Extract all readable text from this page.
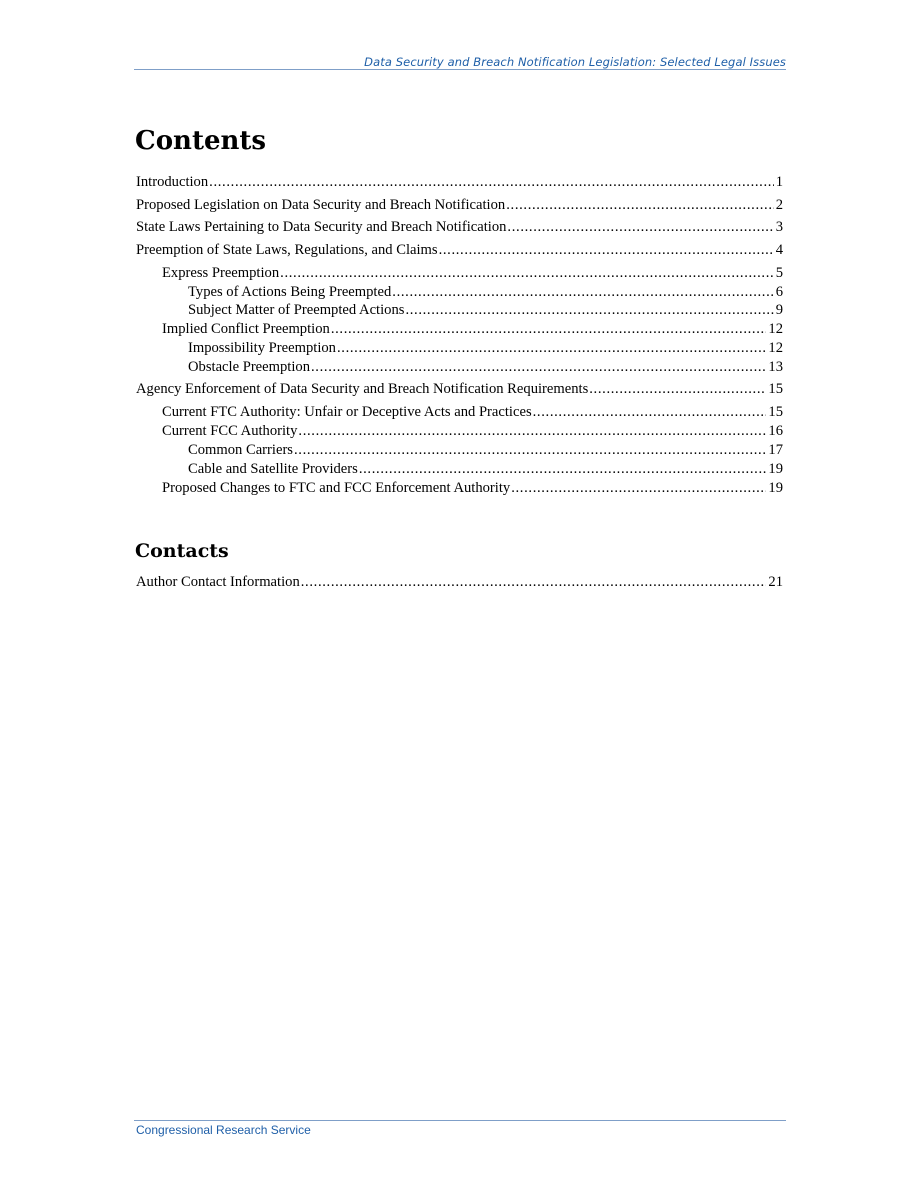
Data Security and Breach Notification Legislation: Selected Legal Issues
Contents
Introduction . . .	1
Proposed Legislation on Data Security and Breach Notification . . .	2
State Laws Pertaining to Data Security and Breach Notification . . .	3
Preemption of State Laws, Regulations, and Claims . . .	4
Express Preemption . . .	5
Types of Actions Being Preempted . . .	6
Subject Matter of Preempted Actions . . .	9
Implied Conflict Preemption . . .	12
Impossibility Preemption . . .	12
Obstacle Preemption . . .	13
Agency Enforcement of Data Security and Breach Notification Requirements . . .	15
Current FTC Authority: Unfair or Deceptive Acts and Practices . . .	15
Current FCC Authority . . .	16
Common Carriers . . .	17
Cable and Satellite Providers . . .	19
Proposed Changes to FTC and FCC Enforcement Authority . . .	19
Author Contact Information . . .	21
Contacts
Congressional Research Service
